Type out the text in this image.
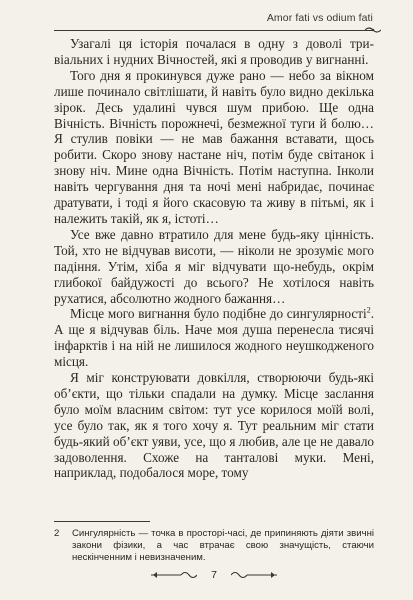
Amor fati vs odium fati

Узагалі ця історія почалася в одну з доволі тривіальних і нудних Вічностей, які я проводив у вигнанні.

Того дня я прокинувся дуже рано — небо за вікном лише починало світлішати, й навіть було видно декілька зірок. Десь удалині чувся шум прибою. Ще одна Вічність. Вічність порожнечі, безмежної туги й болю… Я стулив повіки — не мав бажання вставати, щось робити. Скоро знову настане ніч, потім буде світанок і знову ніч. Мине одна Вічність. Потім наступна. Інколи навіть чергування дня та ночі мені набридає, починає дратувати, і тоді я його скасовую та живу в пітьмі, як і належить такій, як я, істоті…

Усе вже давно втратило для мене будь-яку цінність. Той, хто не відчував висоти, — ніколи не зрозуміє мого падіння. Утім, хіба я міг відчувати що-небудь, окрім глибокої байдужості до всього? Не хотілося навіть рухатися, абсолютно жодного бажання…

Місце мого вигнання було подібне до сингулярності$^2$. А ще я відчував біль. Наче моя душа перенесла тисячі інфарктів і на ній не лишилося жодного неушкодженого місця.

Я міг конструювати довкілля, створюючи будь-які об’єкти, що тільки спадали на думку. Місце заслання було моїм власним світом: тут усе корилося моїй волі, усе було так, як я того хочу я. Тут реальним міг стати будь-який об’єкт уяви, усе, що я любив, але це не давало задоволення. Схоже на танталові муки. Мені, наприклад, подобалося море, тому

2	Сингулярність — точка в просторі-часі, де припиняють діяти звичні закони фізики, а час втрачає свою значущість, стаючи нескінченним і невизначеним.
7
